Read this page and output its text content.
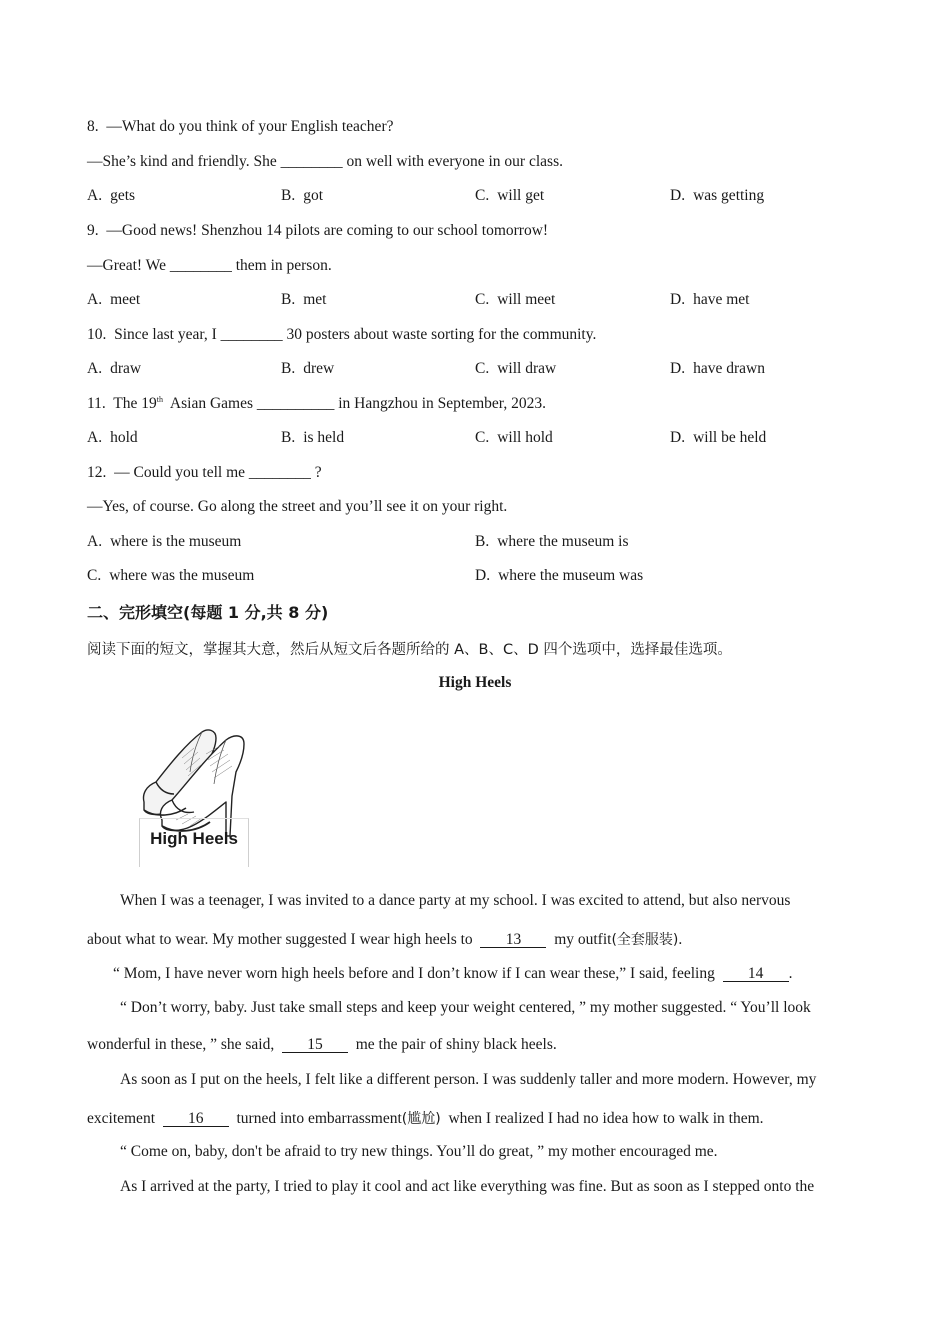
8. —What do you think of your English teacher?
—She’s kind and friendly. She ________ on well with everyone in our class.
A. gets	B. got	C. will get	D. was getting
9. —Good news! Shenzhou 14 pilots are coming to our school tomorrow!
—Great! We ________ them in person.
A. meet	B. met	C. will meet	D. have met
10. Since last year, I ________ 30 posters about waste sorting for the community.
A. draw	B. drew	C. will draw	D. have drawn
11. The 19th  Asian Games __________ in Hangzhou in September, 2023.
A. hold	B. is held	C. will hold	D. will be held
12. — Could you tell me ________ ?
—Yes, of course. Go along the street and you’ll see it on your right.
A. where is the museum	B. where the museum is
C. where was the museum	D. where the museum was
二、完形填空(每题 1 分,共 8 分)
阅读下面的短文，掌握其大意，然后从短文后各题所给的 A、B、C、D 四个选项中，选择最佳选项。
High Heels
High Heels
When I was a teenager, I was invited to a dance party at my school. I was excited to attend, but also nervous
about what to wear. My mother suggested I wear high heels to  13  my outfit(全套服装).
“ Mom, I have never worn high heels before and I don’t know if I can wear these,” I said, feeling  14 .
“ Don’t worry, baby. Just take small steps and keep your weight centered, ” my mother suggested. “ You’ll look
wonderful in these, ” she said,  15  me the pair of shiny black heels.
As soon as I put on the heels, I felt like a different person. I was suddenly taller and more modern. However, my
excitement  16  turned into embarrassment(尴尬)  when I realized I had no idea how to walk in them.
“ Come on, baby, don't be afraid to try new things. You’ll do great, ” my mother encouraged me.
As I arrived at the party, I tried to play it cool and act like everything was fine. But as soon as I stepped onto the
